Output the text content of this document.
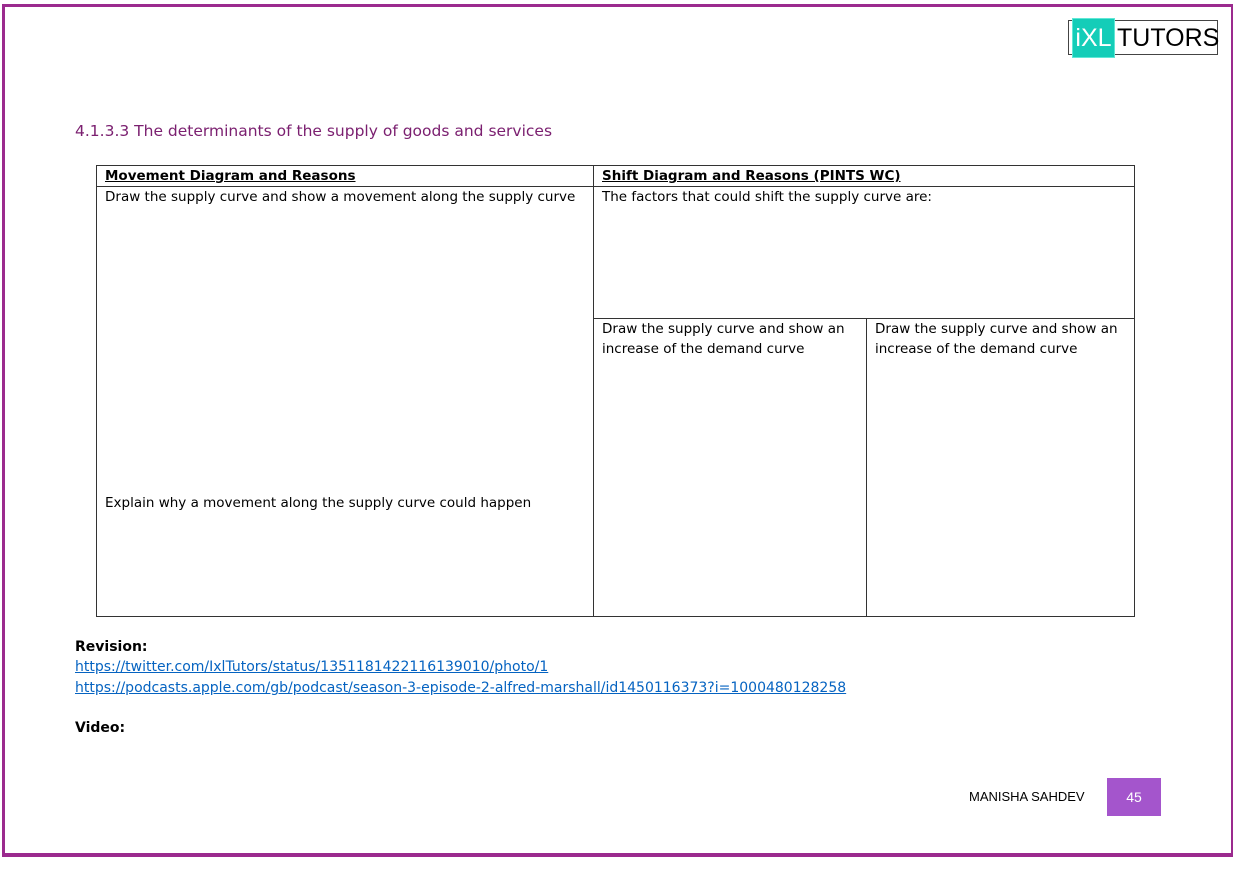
iXL TUTORS
4.1.3.3 The determinants of the supply of goods and services
Movement Diagram and Reasons	Shift Diagram and Reasons (PINTS WC)
Draw the supply curve and show a movement along the supply curve
Explain why a movement along the supply curve could happen
The factors that could shift the supply curve are:
Draw the supply curve and show an increase of the demand curve
Draw the supply curve and show an increase of the demand curve
Revision:
https://twitter.com/IxlTutors/status/1351181422116139010/photo/1
https://podcasts.apple.com/gb/podcast/season-3-episode-2-alfred-marshall/id1450116373?i=1000480128258
Video:
MANISHA SAHDEV	45
